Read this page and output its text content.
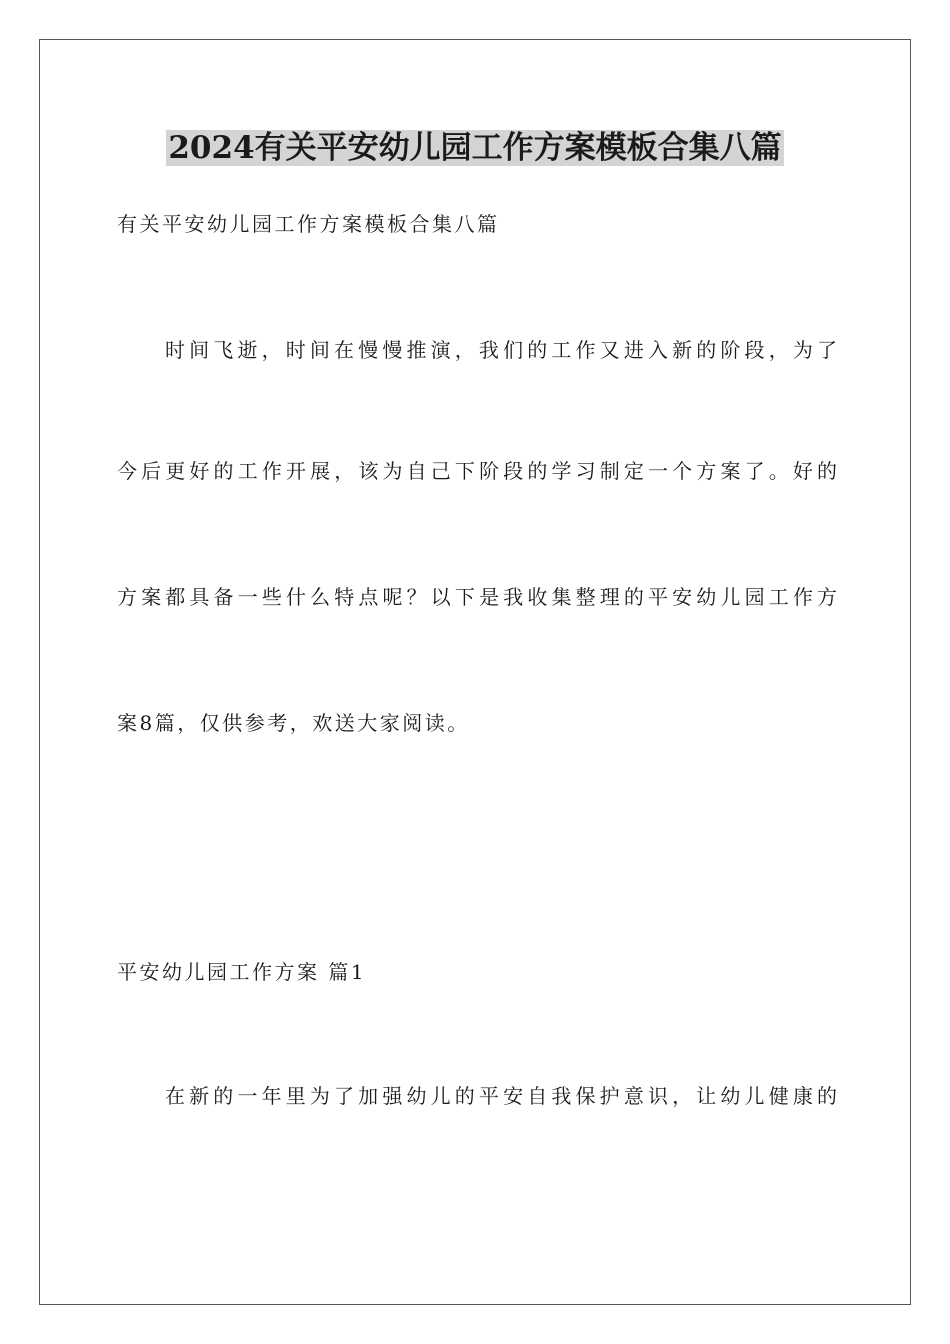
2024有关平安幼儿园工作方案模板合集八篇
有关平安幼儿园工作方案模板合集八篇
时间飞逝，时间在慢慢推演，我们的工作又进入新的阶段，为了
今后更好的工作开展，该为自己下阶段的学习制定一个方案了。好的
方案都具备一些什么特点呢？以下是我收集整理的平安幼儿园工作方
案8篇，仅供参考，欢送大家阅读。
平安幼儿园工作方案 篇1
在新的一年里为了加强幼儿的平安自我保护意识，让幼儿健康的
